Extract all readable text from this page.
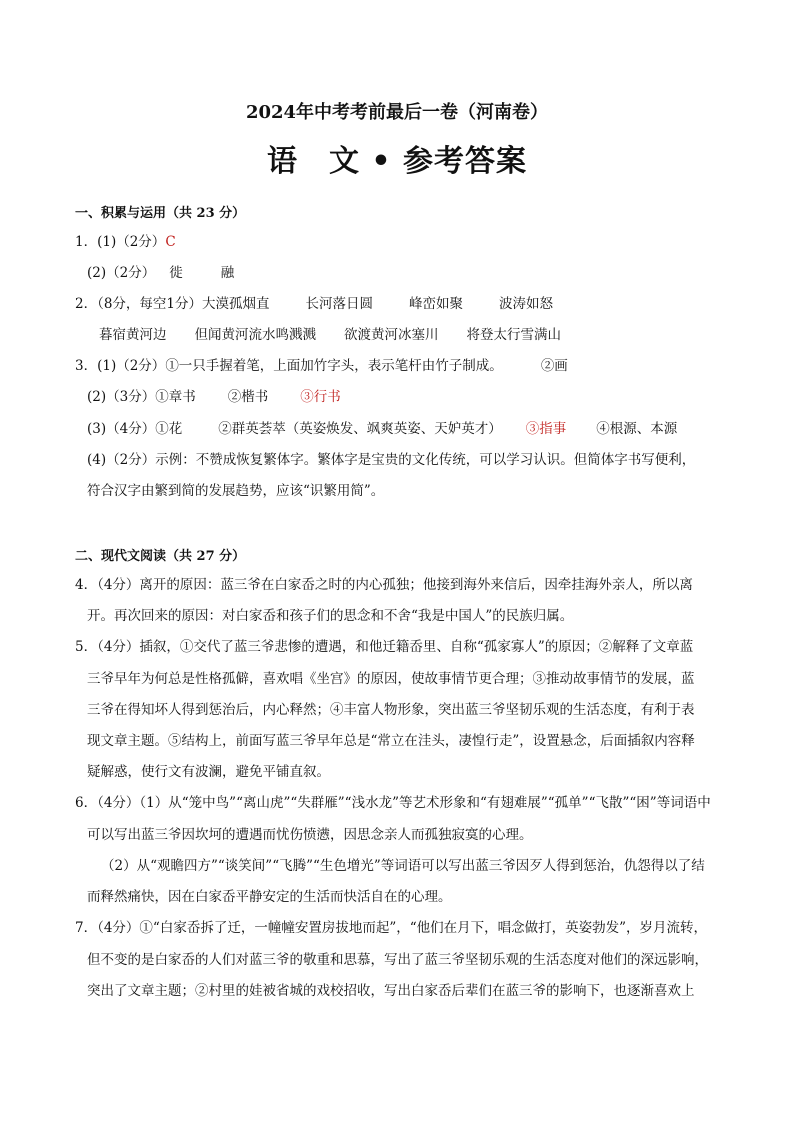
2024年中考考前最后一卷（河南卷）
语　文 • 参考答案
一、积累与运用（共 23 分）
1．(1)（2分）C
(2)（2分） 徙	融
2．（8分，每空1分）大漠孤烟直	长河落日圆	峰峦如聚	波涛如怒
暮宿黄河边 但闻黄河流水鸣溅溅 欲渡黄河冰塞川 将登太行雪满山
3．(1)（2分）①一只手握着笔，上面加竹字头，表示笔杆由竹子制成。	②画
(2)（3分）①章书 ②楷书 ③行书
(3)（4分）①花	②群英荟萃（英姿焕发、飒爽英姿、天妒英才） ③指事 ④根源、本源
(4)（2分）示例：不赞成恢复繁体字。繁体字是宝贵的文化传统，可以学习认识。但简体字书写便利，
符合汉字由繁到简的发展趋势，应该“识繁用简”。
二、现代文阅读（共 27 分）
4．（4分）离开的原因：蓝三爷在白家岙之时的内心孤独；他接到海外来信后，因牵挂海外亲人，所以离
开。再次回来的原因：对白家岙和孩子们的思念和不舍“我是中国人”的民族归属。
5．（4分）插叙，①交代了蓝三爷悲惨的遭遇，和他迁籍岙里、自称“孤家寡人”的原因；②解释了文章蓝
三爷早年为何总是性格孤僻，喜欢唱《坐宫》的原因，使故事情节更合理；③推动故事情节的发展，蓝
三爷在得知坏人得到惩治后，内心释然；④丰富人物形象，突出蓝三爷坚韧乐观的生活态度，有利于表
现文章主题。⑤结构上，前面写蓝三爷早年总是“常立在洼头，凄惶行走”，设置悬念，后面插叙内容释
疑解惑，使行文有波澜，避免平铺直叙。
6．（4分）（1）从“笼中鸟”“离山虎”“失群雁”“浅水龙”等艺术形象和“有翅难展”“孤单”“飞散”“困”等词语中
可以写出蓝三爷因坎坷的遭遇而忧伤愤懑，因思念亲人而孤独寂寞的心理。
（2）从“观瞻四方”“谈笑间”“飞腾”“生色增光”等词语可以写出蓝三爷因歹人得到惩治，仇怨得以了结
而释然痛快，因在白家岙平静安定的生活而快活自在的心理。
7．（4分）①“白家岙拆了迁，一幢幢安置房拔地而起”，“他们在月下，唱念做打，英姿勃发”，岁月流转，
但不变的是白家岙的人们对蓝三爷的敬重和思慕，写出了蓝三爷坚韧乐观的生活态度对他们的深远影响，
突出了文章主题；②村里的娃被省城的戏校招收，写出白家岙后辈们在蓝三爷的影响下，也逐渐喜欢上
